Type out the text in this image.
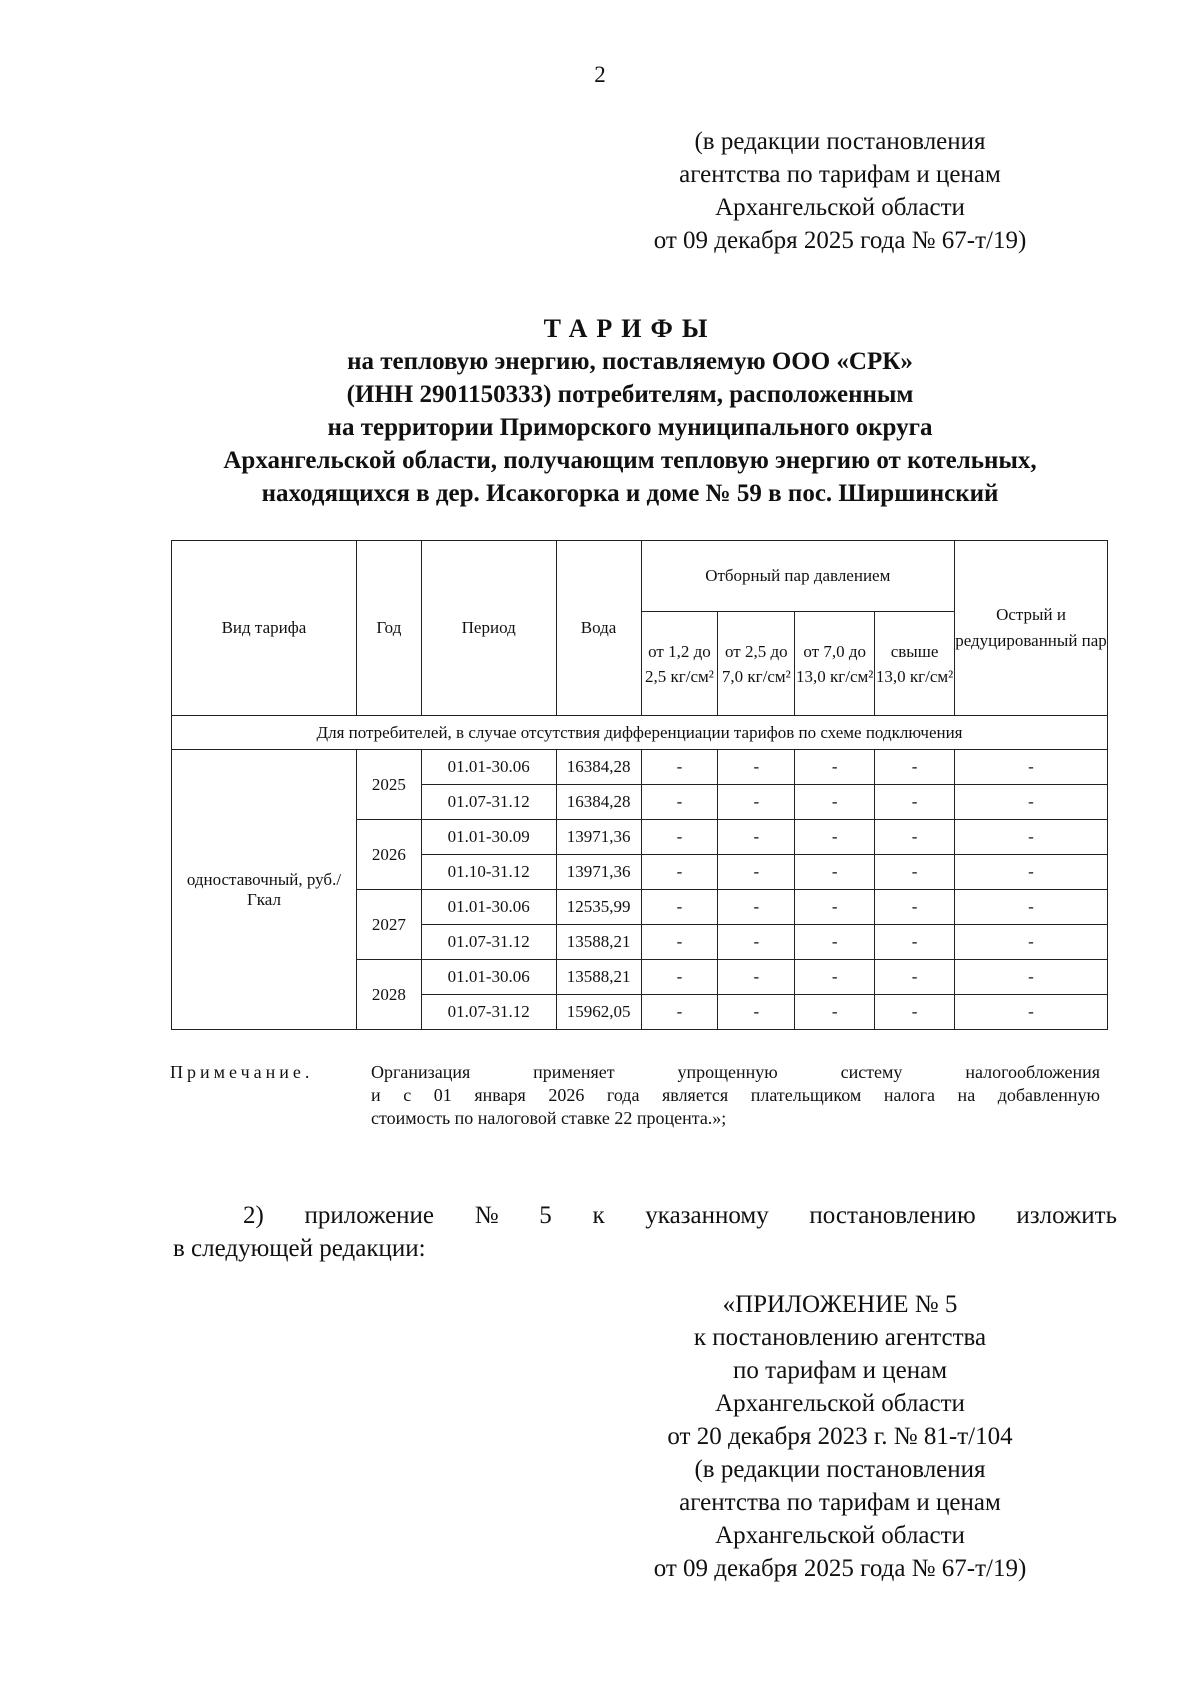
2
(в редакции постановления
агентства по тарифам и ценам
Архангельской области
от 09 декабря 2025 года № 67-т/19)
ТАРИФЫ
на тепловую энергию, поставляемую ООО «СРК»
(ИНН 2901150333) потребителям, расположенным
на территории Приморского муниципального округа
Архангельской области, получающим тепловую энергию от котельных,
находящихся в дер. Исакогорка и доме № 59 в пос. Ширшинский
Вид тарифа	Год	Период	Вода	Отборный пар давлением				Острый и редуцированный пар
				от 1,2 до 2,5 кг/см²	от 2,5 до 7,0 кг/см²	от 7,0 до 13,0 кг/см²	свыше 13,0 кг/см²	
Для потребителей, в случае отсутствия дифференциации тарифов по схеме подключения								
одноставочный, руб./Гкал	2025	01.01-30.06	16384,28	-	-	-	-	-
		01.07-31.12	16384,28	-	-	-	-	-
	2026	01.01-30.09	13971,36	-	-	-	-	-
		01.10-31.12	13971,36	-	-	-	-	-
	2027	01.01-30.06	12535,99	-	-	-	-	-
		01.07-31.12	13588,21	-	-	-	-	-
	2028	01.01-30.06	13588,21	-	-	-	-	-
		01.07-31.12	15962,05	-	-	-	-	-
Примечание.	Организация применяет упрощенную систему налогообложения
и с 01 января 2026 года является плательщиком налога на добавленную
стоимость по налоговой ставке 22 процента.»;
2) приложение № 5 к указанному постановлению изложить
в следующей редакции:
«ПРИЛОЖЕНИЕ № 5
к постановлению агентства
по тарифам и ценам
Архангельской области
от 20 декабря 2023 г. № 81-т/104
(в редакции постановления
агентства по тарифам и ценам
Архангельской области
от 09 декабря 2025 года № 67-т/19)
